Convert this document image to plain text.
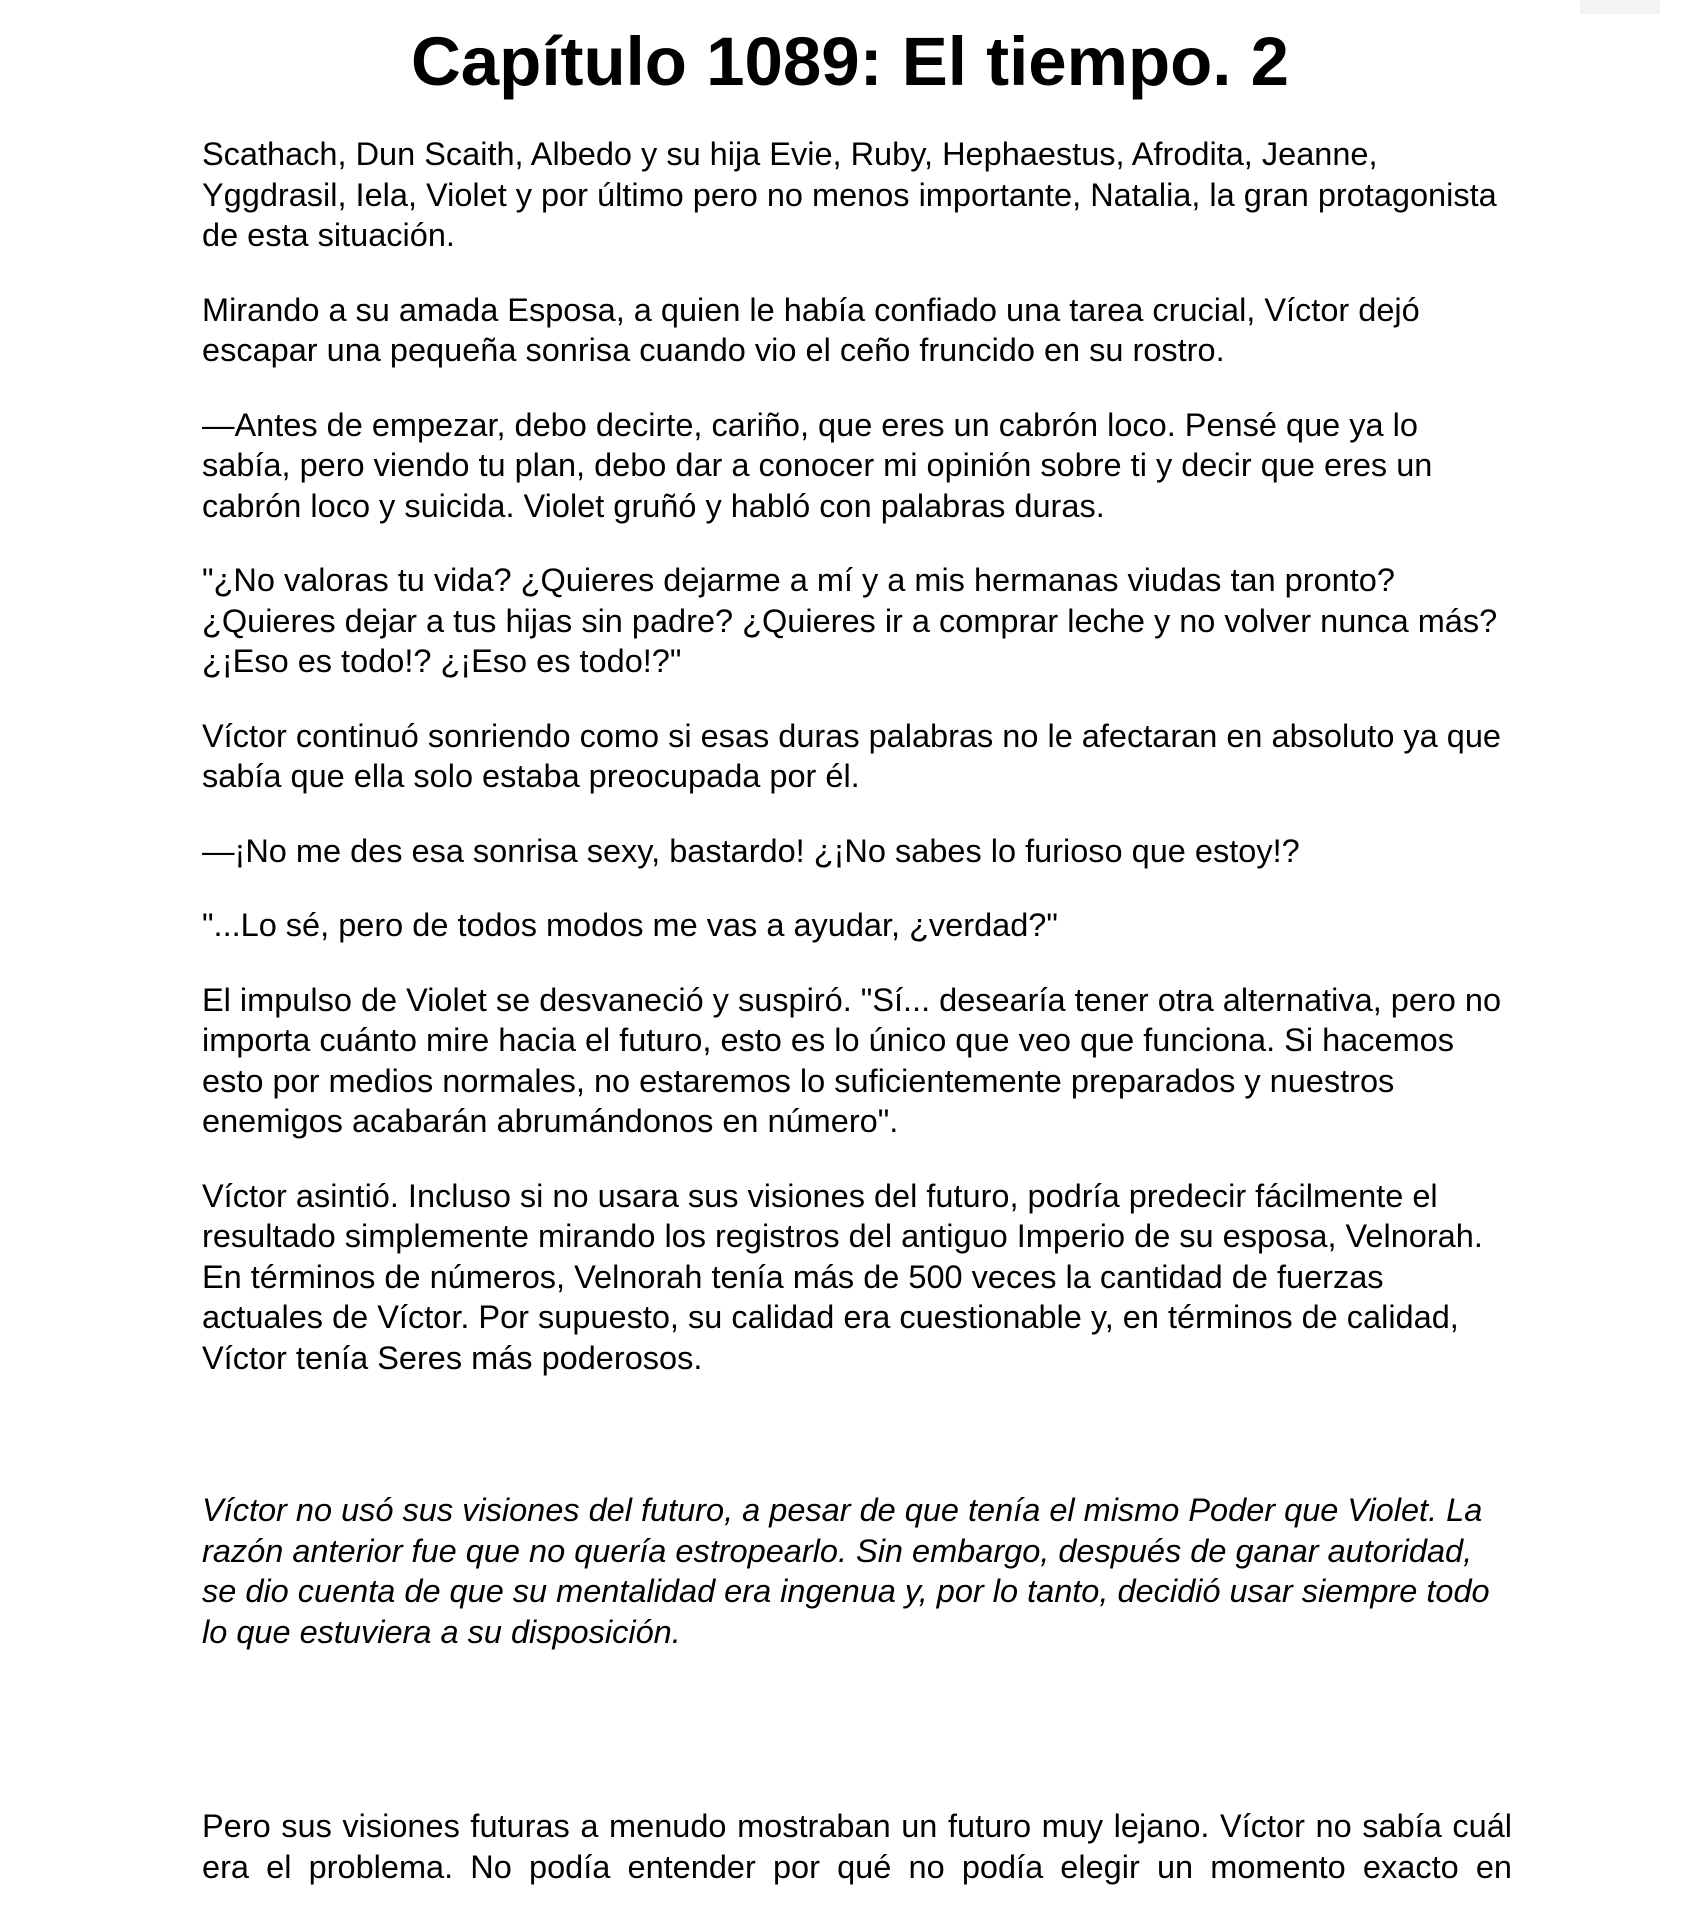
Capítulo 1089: El tiempo. 2

Scathach, Dun Scaith, Albedo y su hija Evie, Ruby, Hephaestus, Afrodita, Jeanne, Yggdrasil, Iela, Violet y por último pero no menos importante, Natalia, la gran protagonista de esta situación.

Mirando a su amada Esposa, a quien le había confiado una tarea crucial, Víctor dejó escapar una pequeña sonrisa cuando vio el ceño fruncido en su rostro.

—Antes de empezar, debo decirte, cariño, que eres un cabrón loco. Pensé que ya lo sabía, pero viendo tu plan, debo dar a conocer mi opinión sobre ti y decir que eres un cabrón loco y suicida. Violet gruñó y habló con palabras duras.

"¿No valoras tu vida? ¿Quieres dejarme a mí y a mis hermanas viudas tan pronto? ¿Quieres dejar a tus hijas sin padre? ¿Quieres ir a comprar leche y no volver nunca más? ¿¡Eso es todo!? ¿¡Eso es todo!?"

Víctor continuó sonriendo como si esas duras palabras no le afectaran en absoluto ya que sabía que ella solo estaba preocupada por él.

—¡No me des esa sonrisa sexy, bastardo! ¿¡No sabes lo furioso que estoy!?

"...Lo sé, pero de todos modos me vas a ayudar, ¿verdad?"

El impulso de Violet se desvaneció y suspiró. "Sí... desearía tener otra alternativa, pero no importa cuánto mire hacia el futuro, esto es lo único que veo que funciona. Si hacemos esto por medios normales, no estaremos lo suficientemente preparados y nuestros enemigos acabarán abrumándonos en número".

Víctor asintió. Incluso si no usara sus visiones del futuro, podría predecir fácilmente el resultado simplemente mirando los registros del antiguo Imperio de su esposa, Velnorah. En términos de números, Velnorah tenía más de 500 veces la cantidad de fuerzas actuales de Víctor. Por supuesto, su calidad era cuestionable y, en términos de calidad, Víctor tenía Seres más poderosos.

Víctor no usó sus visiones del futuro, a pesar de que tenía el mismo Poder que Violet. La razón anterior fue que no quería estropearlo. Sin embargo, después de ganar autoridad, se dio cuenta de que su mentalidad era ingenua y, por lo tanto, decidió usar siempre todo lo que estuviera a su disposición.

Pero sus visiones futuras a menudo mostraban un futuro muy lejano. Víctor no sabía cuál era el problema. No podía entender por qué no podía elegir un momento exacto en
